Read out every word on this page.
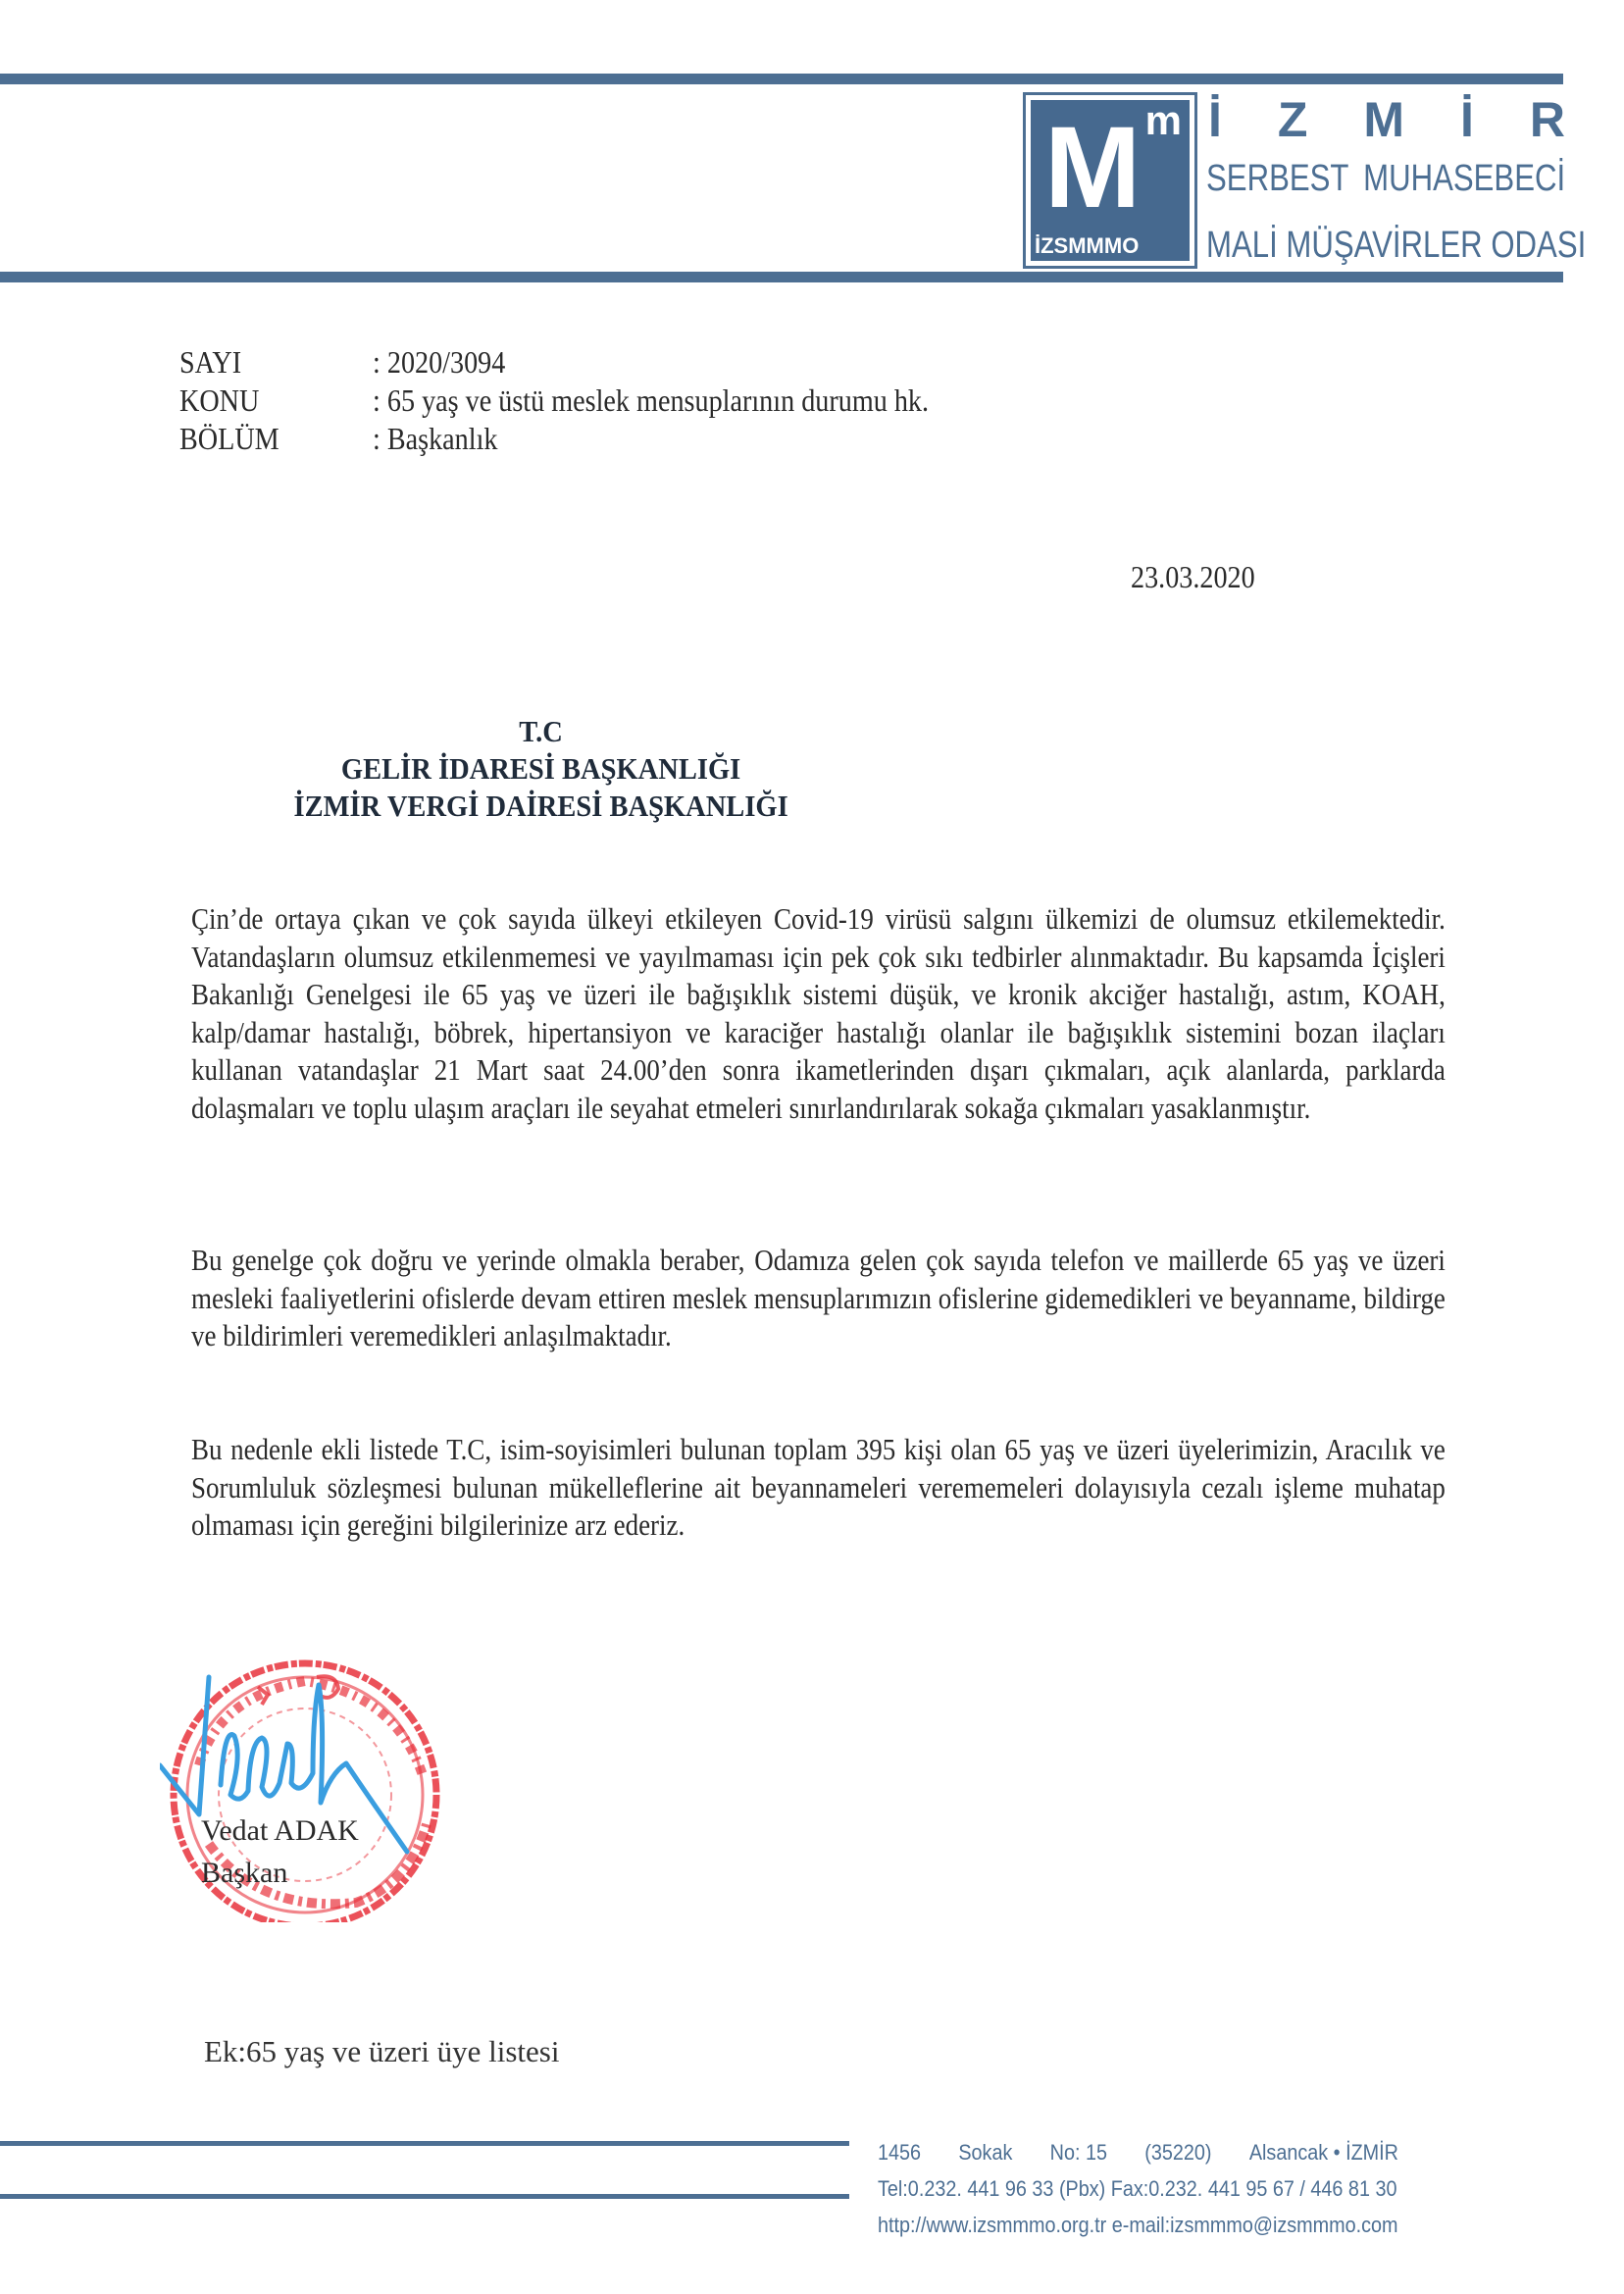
M m
İZSMMMO
İ Z M İ R
SERBEST MUHASEBECİ
MALİ MÜŞAVİRLER ODASI
SAYI	: 2020/3094
KONU	: 65 yaş ve üstü meslek mensuplarının durumu hk.
BÖLÜM	: Başkanlık
23.03.2020
T.C
GELİR İDARESİ BAŞKANLIĞI
İZMİR VERGİ DAİRESİ BAŞKANLIĞI
Çin’de ortaya çıkan ve çok sayıda ülkeyi etkileyen Covid-19 virüsü salgını ülkemizi de olumsuz etkilemektedir. Vatandaşların olumsuz etkilenmemesi ve yayılmaması için pek çok sıkı tedbirler alınmaktadır. Bu kapsamda İçişleri Bakanlığı Genelgesi ile 65 yaş ve üzeri ile bağışıklık sistemi düşük, ve kronik akciğer hastalığı, astım, KOAH, kalp/damar hastalığı, böbrek, hipertansiyon ve karaciğer hastalığı olanlar ile bağışıklık sistemini bozan ilaçları kullanan vatandaşlar 21 Mart saat 24.00’den sonra ikametlerinden dışarı çıkmaları, açık alanlarda, parklarda dolaşmaları ve toplu ulaşım araçları ile seyahat etmeleri sınırlandırılarak sokağa çıkmaları yasaklanmıştır.
Bu genelge çok doğru ve yerinde olmakla beraber, Odamıza gelen çok sayıda telefon ve maillerde 65 yaş ve üzeri mesleki faaliyetlerini ofislerde devam ettiren meslek mensuplarımızın ofislerine gidemedikleri ve beyanname, bildirge ve bildirimleri veremedikleri anlaşılmaktadır.
Bu nedenle ekli listede T.C, isim-soyisimleri bulunan toplam 395 kişi olan 65 yaş ve üzeri üyelerimizin, Aracılık ve Sorumluluk sözleşmesi bulunan mükelleflerine ait beyannameleri verememeleri dolayısıyla cezalı işleme muhatap olmaması için gereğini bilgilerinize arz ederiz.
Vedat ADAK
Başkan
Ek:65 yaş ve üzeri üye listesi
1456 Sokak No: 15 (35220) Alsancak • İZMİR
Tel:0.232. 441 96 33 (Pbx) Fax:0.232. 441 95 67 / 446 81 30
http://www.izsmmmo.org.tr e-mail:izsmmmo@izsmmmo.com
